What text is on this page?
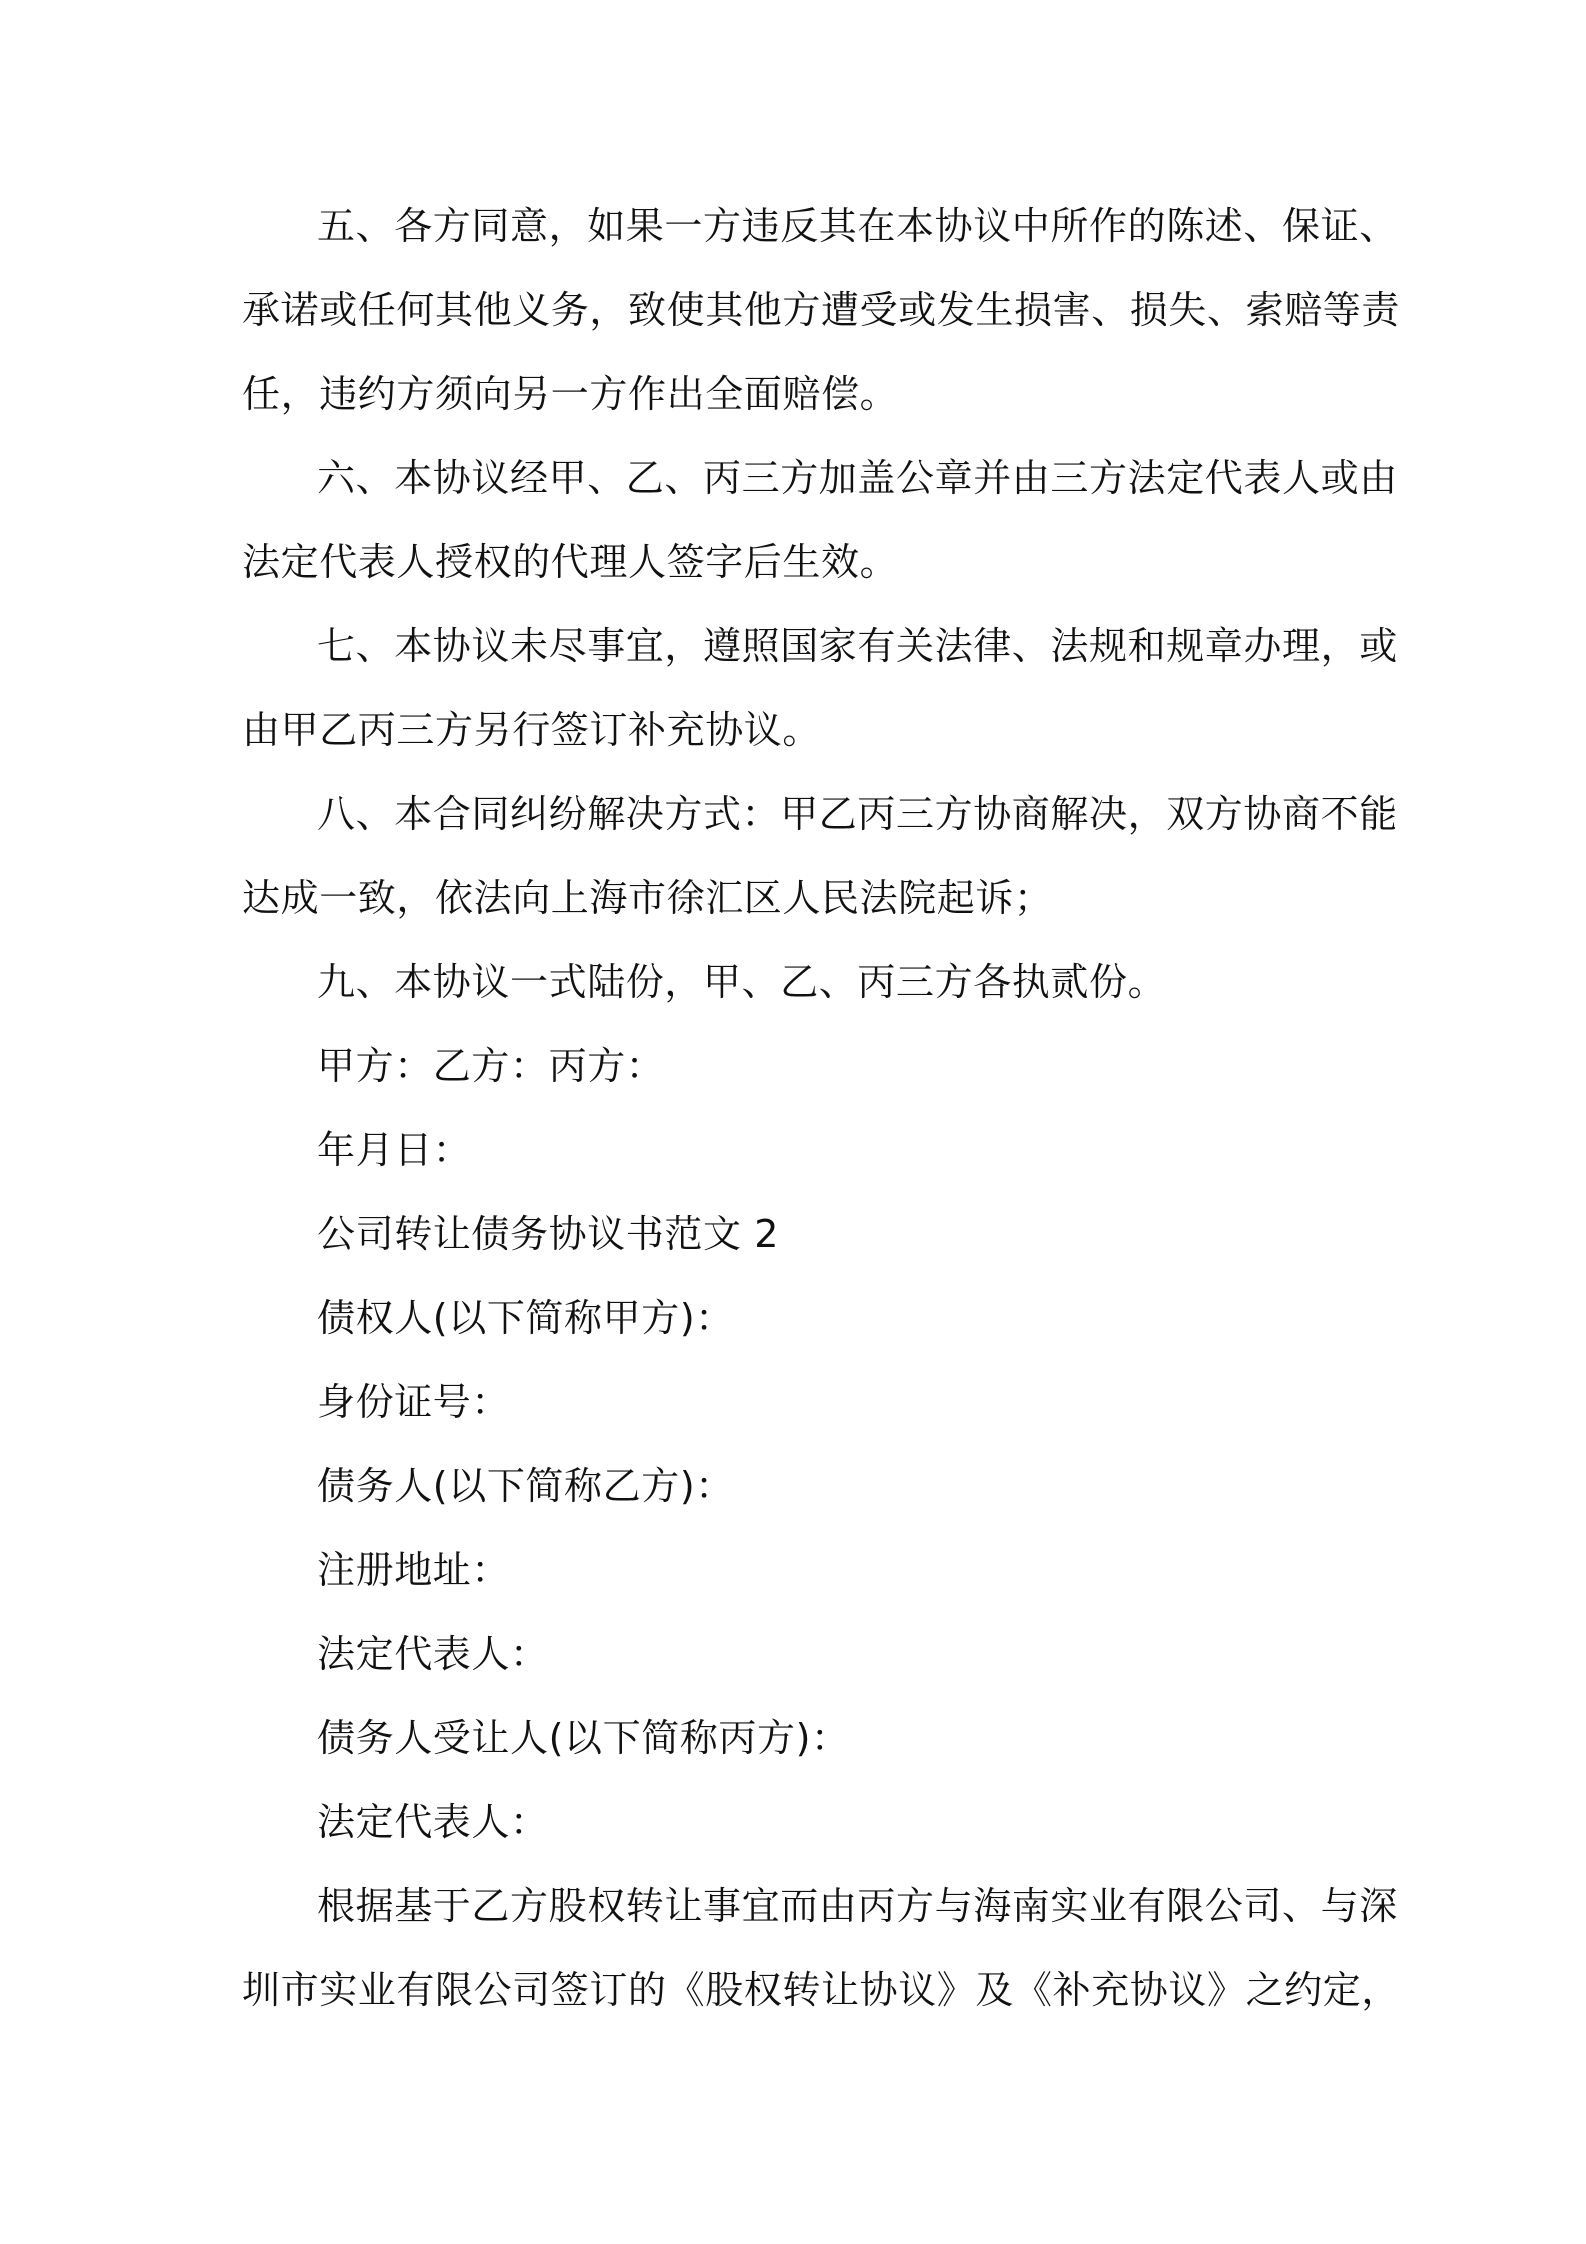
五、各方同意，如果一方违反其在本协议中所作的陈述、保证、
承诺或任何其他义务，致使其他方遭受或发生损害、损失、索赔等责
任，违约方须向另一方作出全面赔偿。
六、本协议经甲、乙、丙三方加盖公章并由三方法定代表人或由
法定代表人授权的代理人签字后生效。
七、本协议未尽事宜，遵照国家有关法律、法规和规章办理，或
由甲乙丙三方另行签订补充协议。
八、本合同纠纷解决方式：甲乙丙三方协商解决，双方协商不能
达成一致，依法向上海市徐汇区人民法院起诉；
九、本协议一式陆份，甲、乙、丙三方各执贰份。
甲方：乙方：丙方：
年月日：
公司转让债务协议书范文 2
债权人(以下简称甲方)：
身份证号：
债务人(以下简称乙方)：
注册地址：
法定代表人：
债务人受让人(以下简称丙方)：
法定代表人：
根据基于乙方股权转让事宜而由丙方与海南实业有限公司、与深
圳市实业有限公司签订的《股权转让协议》及《补充协议》之约定，
